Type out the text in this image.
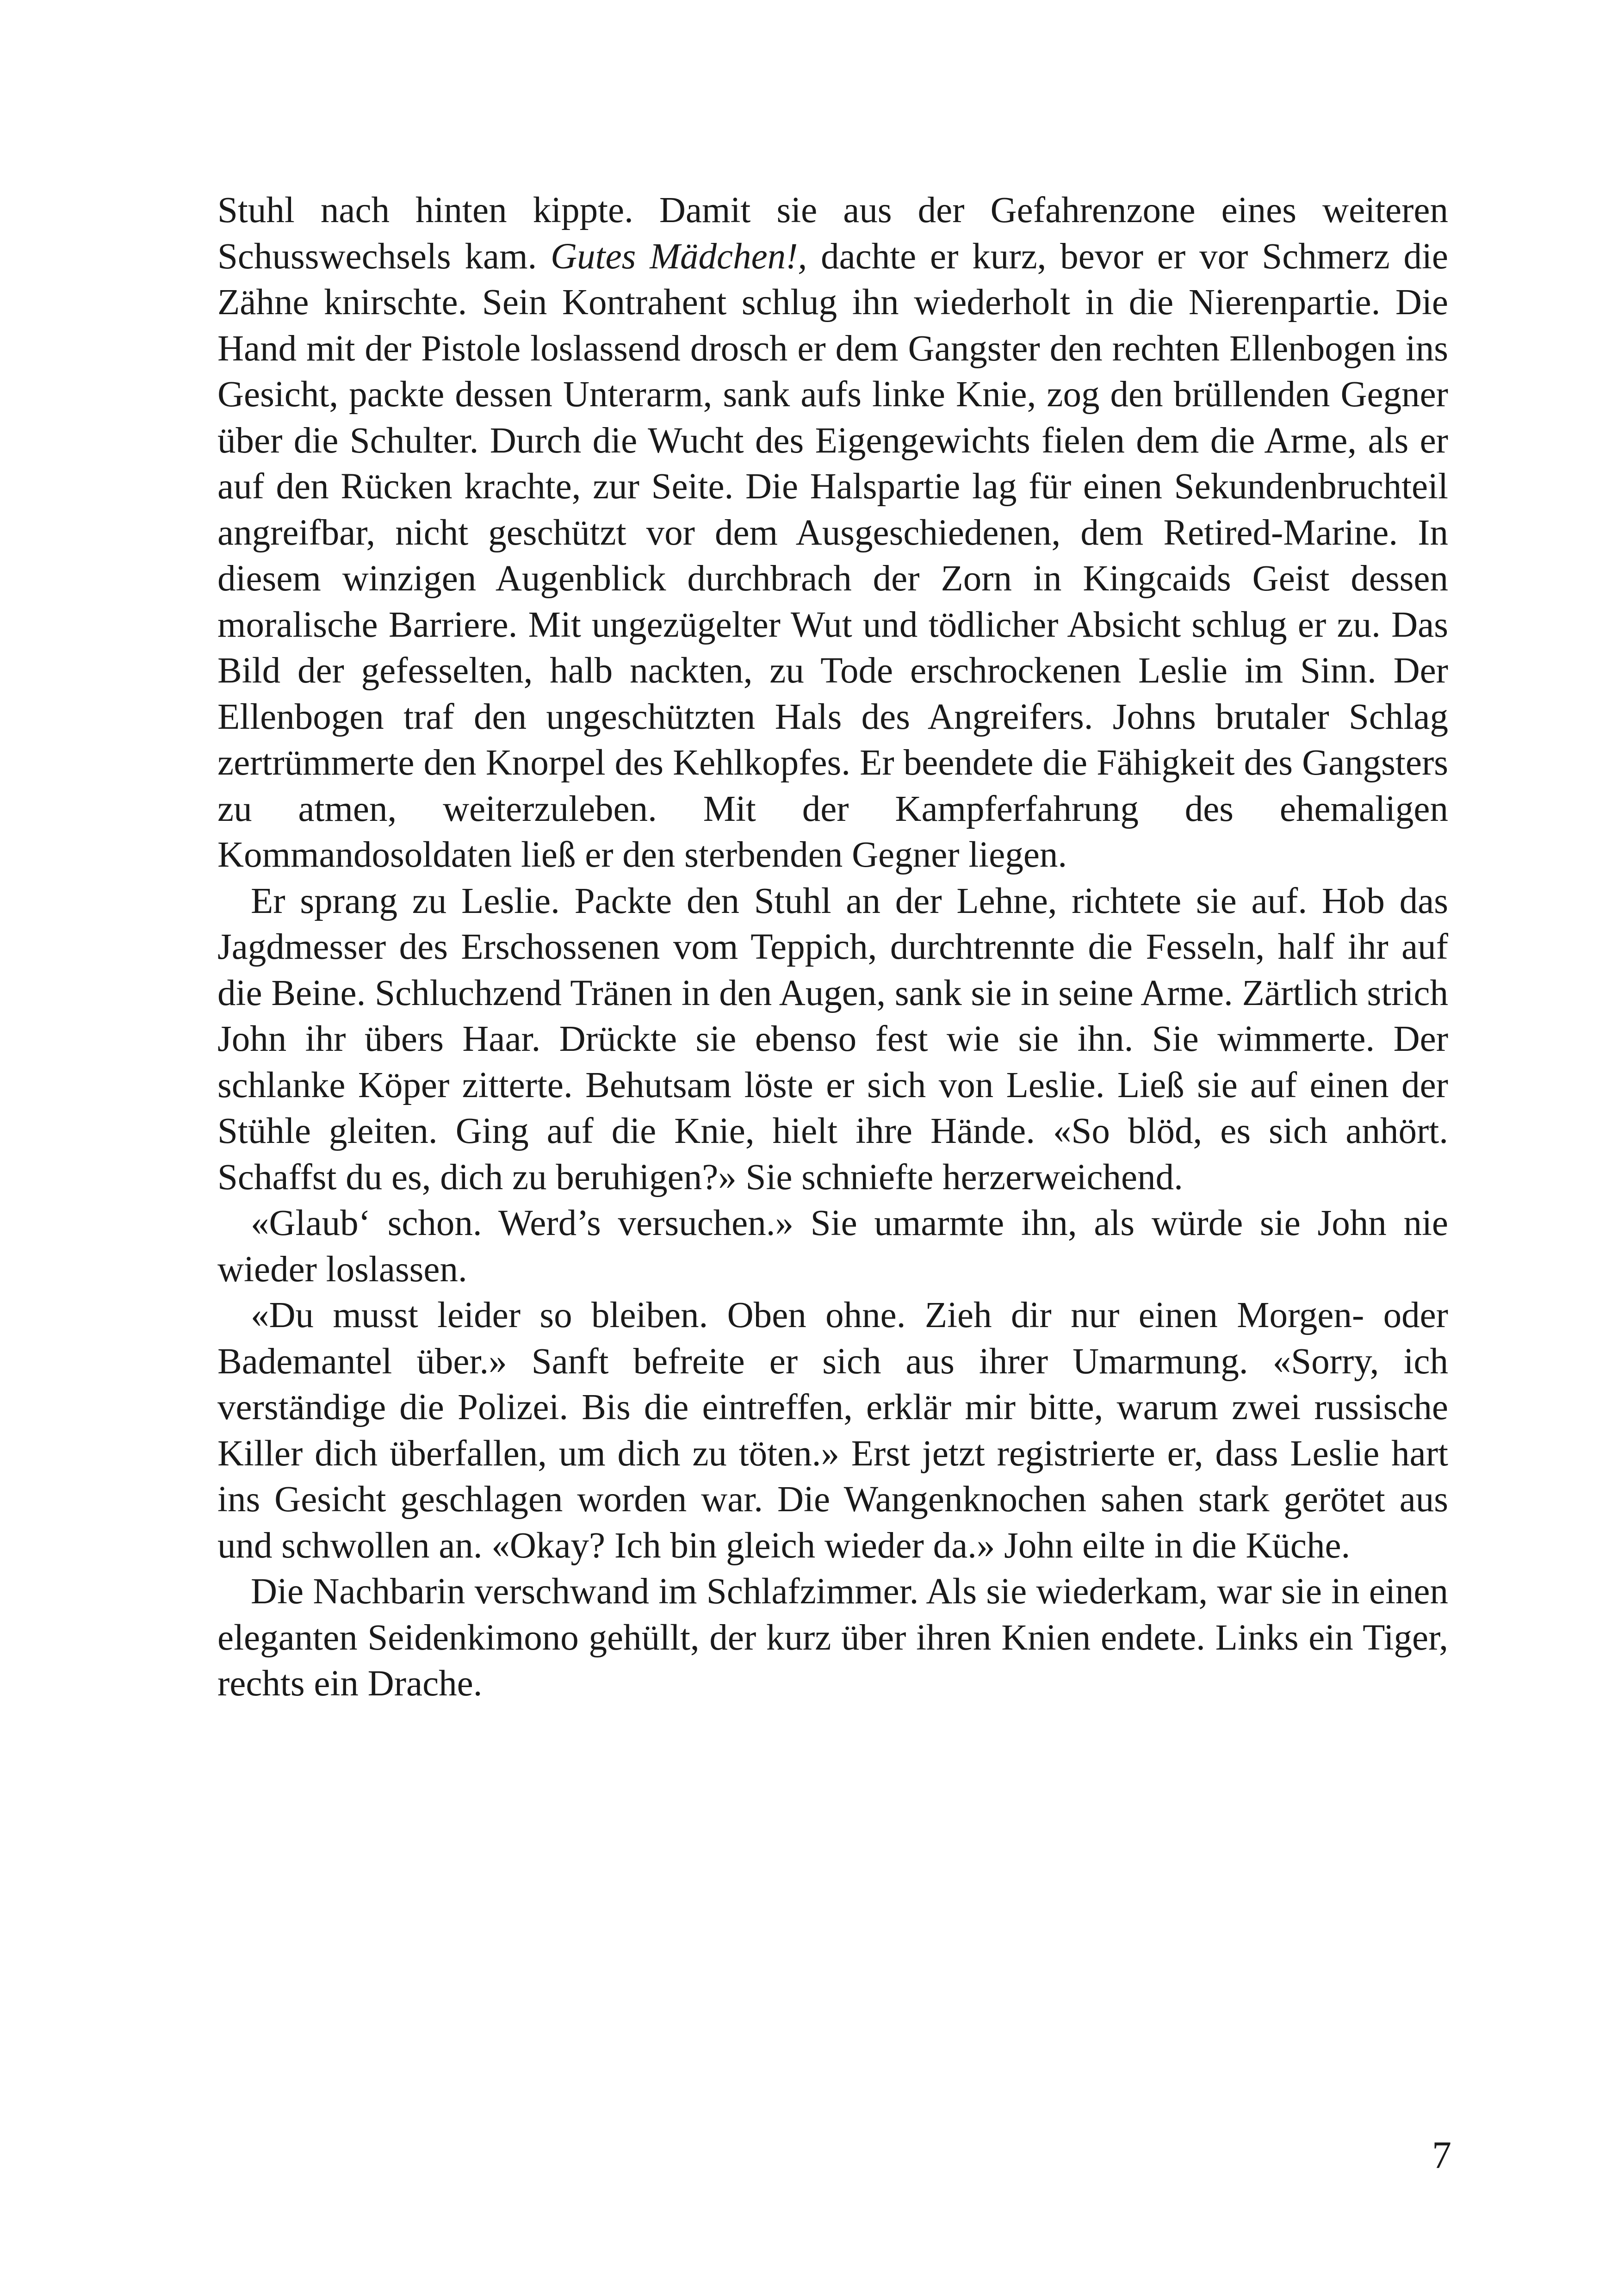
Stuhl nach hinten kippte. Damit sie aus der Gefahrenzone eines weiteren Schusswechsels kam. Gutes Mädchen!, dachte er kurz, bevor er vor Schmerz die Zähne knirschte. Sein Kontrahent schlug ihn wiederholt in die Nierenpartie. Die Hand mit der Pistole loslassend drosch er dem Gangster den rechten Ellenbogen ins Gesicht, packte dessen Unterarm, sank aufs linke Knie, zog den brüllenden Gegner über die Schulter. Durch die Wucht des Eigengewichts fielen dem die Arme, als er auf den Rücken krachte, zur Seite. Die Halspartie lag für einen Sekundenbruchteil angreifbar, nicht geschützt vor dem Ausgeschiedenen, dem Retired-Marine. In diesem winzigen Augenblick durchbrach der Zorn in Kingcaids Geist dessen moralische Barriere. Mit ungezügelter Wut und tödlicher Absicht schlug er zu. Das Bild der gefesselten, halb nackten, zu Tode erschrockenen Leslie im Sinn. Der Ellenbogen traf den ungeschützten Hals des Angreifers. Johns brutaler Schlag zertrümmerte den Knorpel des Kehlkopfes. Er beendete die Fähigkeit des Gangsters zu atmen, weiterzuleben. Mit der Kampferfahrung des ehemaligen Kommandosoldaten ließ er den sterbenden Gegner liegen.

Er sprang zu Leslie. Packte den Stuhl an der Lehne, richtete sie auf. Hob das Jagdmesser des Erschossenen vom Teppich, durchtrennte die Fesseln, half ihr auf die Beine. Schluchzend Tränen in den Augen, sank sie in seine Arme. Zärtlich strich John ihr übers Haar. Drückte sie ebenso fest wie sie ihn. Sie wimmerte. Der schlanke Köper zitterte. Behutsam löste er sich von Leslie. Ließ sie auf einen der Stühle gleiten. Ging auf die Knie, hielt ihre Hände. «So blöd, es sich anhört. Schaffst du es, dich zu beruhigen?» Sie schniefte herzerweichend.

«Glaub‘ schon. Werd’s versuchen.» Sie umarmte ihn, als würde sie John nie wieder loslassen.

«Du musst leider so bleiben. Oben ohne. Zieh dir nur einen Morgen- oder Bademantel über.» Sanft befreite er sich aus ihrer Umarmung. «Sorry, ich verständige die Polizei. Bis die eintreffen, erklär mir bitte, warum zwei russische Killer dich überfallen, um dich zu töten.» Erst jetzt registrierte er, dass Leslie hart ins Gesicht geschlagen worden war. Die Wangenknochen sahen stark gerötet aus und schwollen an. «Okay? Ich bin gleich wieder da.» John eilte in die Küche.

Die Nachbarin verschwand im Schlafzimmer. Als sie wiederkam, war sie in einen eleganten Seidenkimono gehüllt, der kurz über ihren Knien endete. Links ein Tiger, rechts ein Drache.

7
